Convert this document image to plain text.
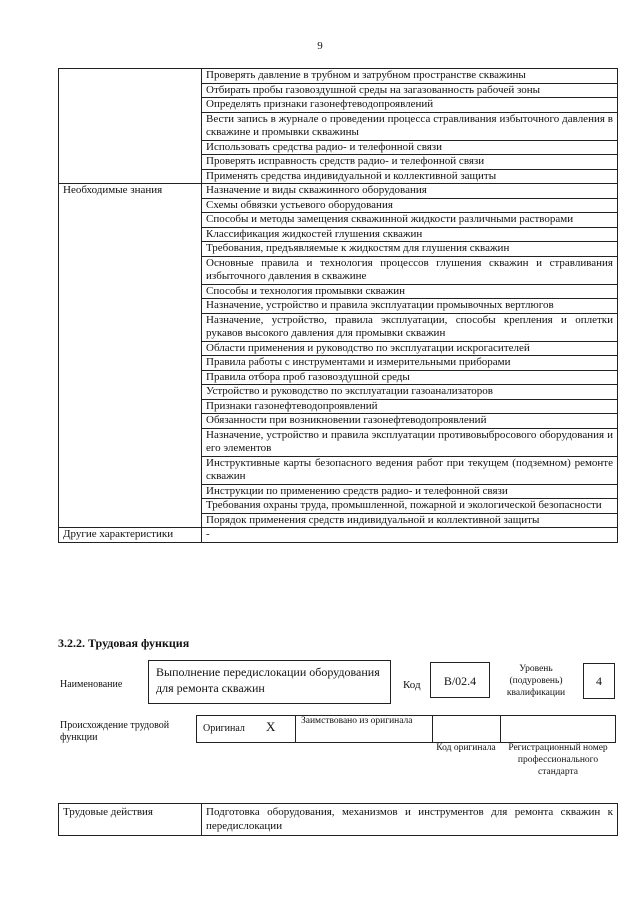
9
	Проверять давление в трубном и затрубном пространстве скважины
	Отбирать пробы газовоздушной среды на загазованность рабочей зоны
	Определять признаки газонефтеводопроявлений
	Вести запись в журнале о проведении процесса стравливания избыточного давления в скважине и промывки скважины
	Использовать средства радио- и телефонной связи
	Проверять исправность средств радио- и телефонной связи
	Применять средства индивидуальной и коллективной защиты
Необходимые знания	Назначение и виды скважинного оборудования
	Схемы обвязки устьевого оборудования
	Способы и методы замещения скважинной жидкости различными растворами
	Классификация жидкостей глушения скважин
	Требования, предъявляемые к жидкостям для глушения скважин
	Основные правила и технология процессов глушения скважин и стравливания избыточного давления в скважине
	Способы и технология промывки скважин
	Назначение, устройство и правила эксплуатации промывочных вертлюгов
	Назначение, устройство, правила эксплуатации, способы крепления и оплетки рукавов высокого давления для промывки скважин
	Области применения и руководство по эксплуатации искрогасителей
	Правила работы с инструментами и измерительными приборами
	Правила отбора проб газовоздушной среды
	Устройство и руководство по эксплуатации газоанализаторов
	Признаки газонефтеводопроявлений
	Обязанности при возникновении газонефтеводопроявлений
	Назначение, устройство и правила эксплуатации противовыбросового оборудования и его элементов
	Инструктивные карты безопасного ведения работ при текущем (подземном) ремонте скважин
	Инструкции по применению средств радио- и телефонной связи
	Требования охраны труда, промышленной, пожарной и экологической безопасности
	Порядок применения средств индивидуальной и коллективной защиты
Другие характеристики	-
3.2.2. Трудовая функция
Наименование
Выполнение передислокации оборудования для ремонта скважин	Код	B/02.4
Уровень (подуровень) квалификации
4
Происхождение трудовой функции
Оригинал X	Заимствовано из оригинала
Код оригинала	Регистрационный номер профессионального стандарта
Трудовые действия	Подготовка оборудования, механизмов и инструментов для ремонта скважин к передислокации
